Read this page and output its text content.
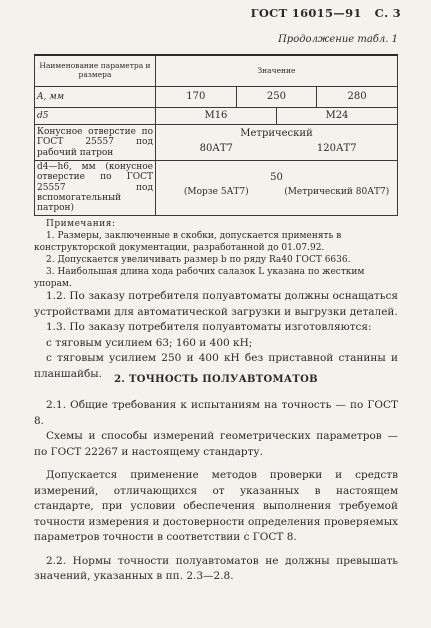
ГОСТ 16015—91 С. 3
Продолжение табл. 1
Наименование параметра и размера	Значение			
A, мм	170	250		280
d5	M16		M24	
Конусное отверстие по ГОСТ 25557 под рабочий патрон	Метрический
80АТ7 120АТ7			

d4—h6, мм (конусное отверстие по ГОСТ 25557 под вспомогательный патрон)	50
(Морзе 5АТ7) (Метрический 80АТ7)			

Примечания:

1. Размеры, заключенные в скобки, допускается применять в конструкторской документации, разработанной до 01.07.92.

2. Допускается увеличивать размер b по ряду Ra40 ГОСТ 6636.

3. Наибольшая длина хода рабочих салазок L указана по жестким упорам.

1.2. По заказу потребителя полуавтоматы должны оснащаться устройствами для автоматической загрузки и выгрузки деталей.

1.3. По заказу потребителя полуавтоматы изготовляются:

с тяговым усилием 63; 160 и 400 кН;

с тяговым усилием 250 и 400 кН без приставной станины и планшайбы.	2. ТОЧНОСТЬ ПОЛУАВТОМАТОВ

2.1. Общие требования к испытаниям на точность — по ГОСТ 8.

Схемы и способы измерений геометрических параметров — по ГОСТ 22267 и настоящему стандарту.

Допускается применение методов проверки и средств измерений, отличающихся от указанных в настоящем стандарте, при условии обеспечения выполнения требуемой точности измерения и достоверности определения проверяемых параметров точности в соответствии с ГОСТ 8.

2.2. Нормы точности полуавтоматов не должны превышать значений, указанных в пп. 2.3—2.8.
